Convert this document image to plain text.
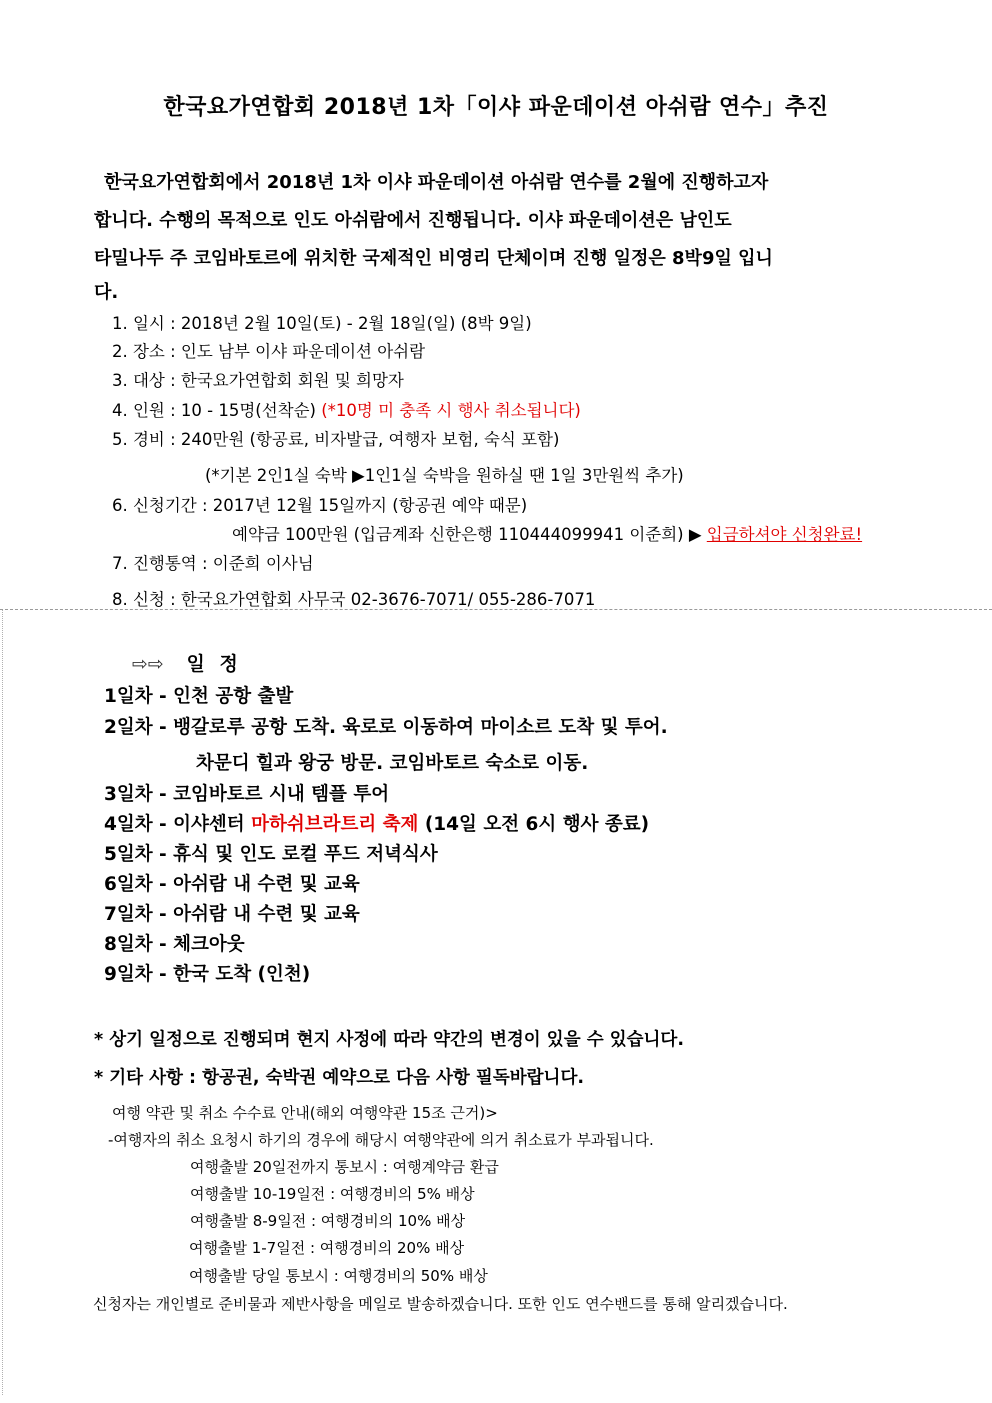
한국요가연합회 2018년 1차「이샤 파운데이션 아쉬람 연수」추진
한국요가연합회에서 2018년 1차 이샤 파운데이션 아쉬람 연수를 2월에 진행하고자
합니다. 수행의 목적으로 인도 아쉬람에서 진행됩니다. 이샤 파운데이션은 남인도
타밀나두 주 코임바토르에 위치한 국제적인 비영리 단체이며 진행 일정은 8박9일 입니
다.
1. 일시 : 2018년 2월 10일(토) - 2월 18일(일) (8박 9일)
2. 장소 : 인도 남부 이샤 파운데이션 아쉬람
3. 대상 : 한국요가연합회 회원 및 희망자
4. 인원 : 10 - 15명(선착순) (*10명 미 충족 시 행사 취소됩니다)
5. 경비 : 240만원 (항공료, 비자발급, 여행자 보험, 숙식 포함)
(*기본 2인1실 숙박 ▶1인1실 숙박을 원하실 땐 1일 3만원씩 추가)
6. 신청기간 : 2017년 12월 15일까지 (항공권 예약 때문)
예약금 100만원 (입금계좌 신한은행 110444099941 이준희) ▶ 입금하셔야 신청완료!
7. 진행통역 : 이준희 이사님
8. 신청 : 한국요가연합회 사무국 02-3676-7071/ 055-286-7071
⇨⇨ 일 정
1일차 - 인천 공항 출발
2일차 - 뱅갈로루 공항 도착. 육로로 이동하여 마이소르 도착 및 투어.
차문디 힐과 왕궁 방문. 코임바토르 숙소로 이동.
3일차 - 코임바토르 시내 템플 투어
4일차 - 이샤센터 마하쉬브라트리 축제 (14일 오전 6시 행사 종료)
5일차 - 휴식 및 인도 로컬 푸드 저녁식사
6일차 - 아쉬람 내 수련 및 교육
7일차 - 아쉬람 내 수련 및 교육
8일차 - 체크아웃
9일차 - 한국 도착 (인천)
* 상기 일정으로 진행되며 현지 사정에 따라 약간의 변경이 있을 수 있습니다.
* 기타 사항 : 항공권, 숙박권 예약으로 다음 사항 필독바랍니다.
여행 약관 및 취소 수수료 안내(해외 여행약관 15조 근거)>
-여행자의 취소 요청시 하기의 경우에 해당시 여행약관에 의거 취소료가 부과됩니다.
여행출발 20일전까지 통보시 : 여행계약금 환급
여행출발 10-19일전 : 여행경비의 5% 배상
여행출발 8-9일전 : 여행경비의 10% 배상
여행출발 1-7일전 : 여행경비의 20% 배상
여행출발 당일 통보시 : 여행경비의 50% 배상
신청자는 개인별로 준비물과 제반사항을 메일로 발송하겠습니다. 또한 인도 연수밴드를 통해 알리겠습니다.
